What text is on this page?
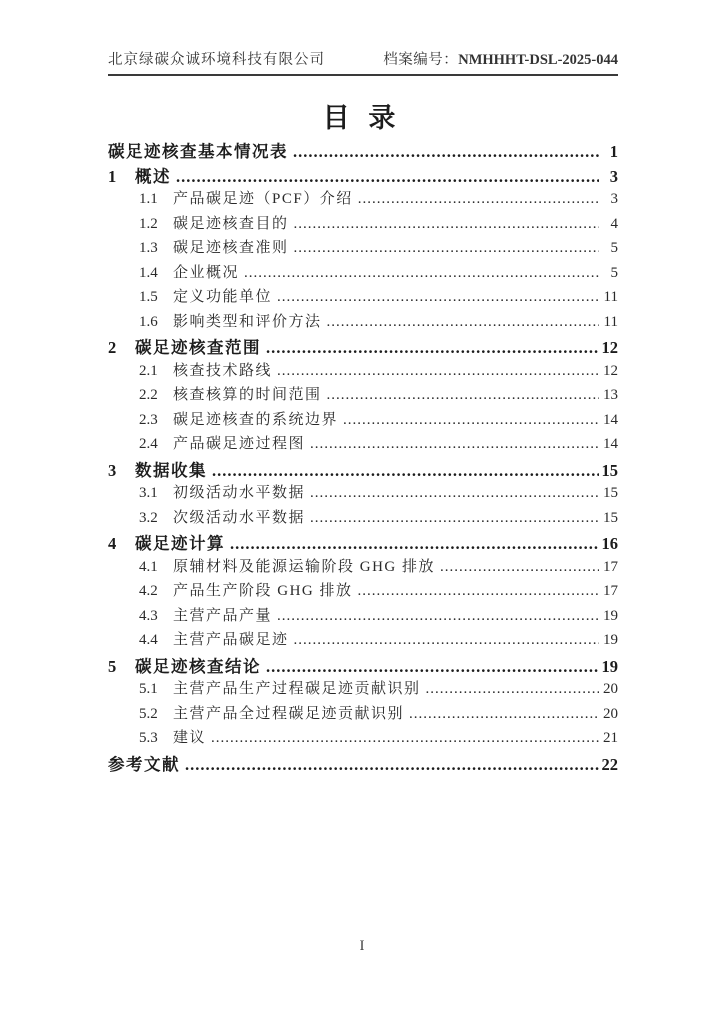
北京绿碳众诚环境科技有限公司	档案编号：NMHHHT-DSL-2025-044
目 录
碳足迹核查基本情况表 .....	1
1	概述 .....	3
1.1	产品碳足迹（PCF）介绍 .....	3
1.2	碳足迹核查目的 .....	4
1.3	碳足迹核查准则 .....	5
1.4	企业概况 .....	5
1.5	定义功能单位 .....	11
1.6	影响类型和评价方法 .....	11
2	碳足迹核查范围 .....	12
2.1	核查技术路线 .....	12
2.2	核查核算的时间范围 .....	13
2.3	碳足迹核查的系统边界 .....	14
2.4	产品碳足迹过程图 .....	14
3	数据收集 .....	15
3.1	初级活动水平数据 .....	15
3.2	次级活动水平数据 .....	15
4	碳足迹计算 .....	16
4.1	原辅材料及能源运输阶段 GHG 排放 .....	17
4.2	产品生产阶段 GHG 排放 .....	17
4.3	主营产品产量 .....	19
4.4	主营产品碳足迹 .....	19
5	碳足迹核查结论 .....	19
5.1	主营产品生产过程碳足迹贡献识别 .....	20
5.2	主营产品全过程碳足迹贡献识别 .....	20
5.3	建议 .....	21
参考文献 .....	22
I
